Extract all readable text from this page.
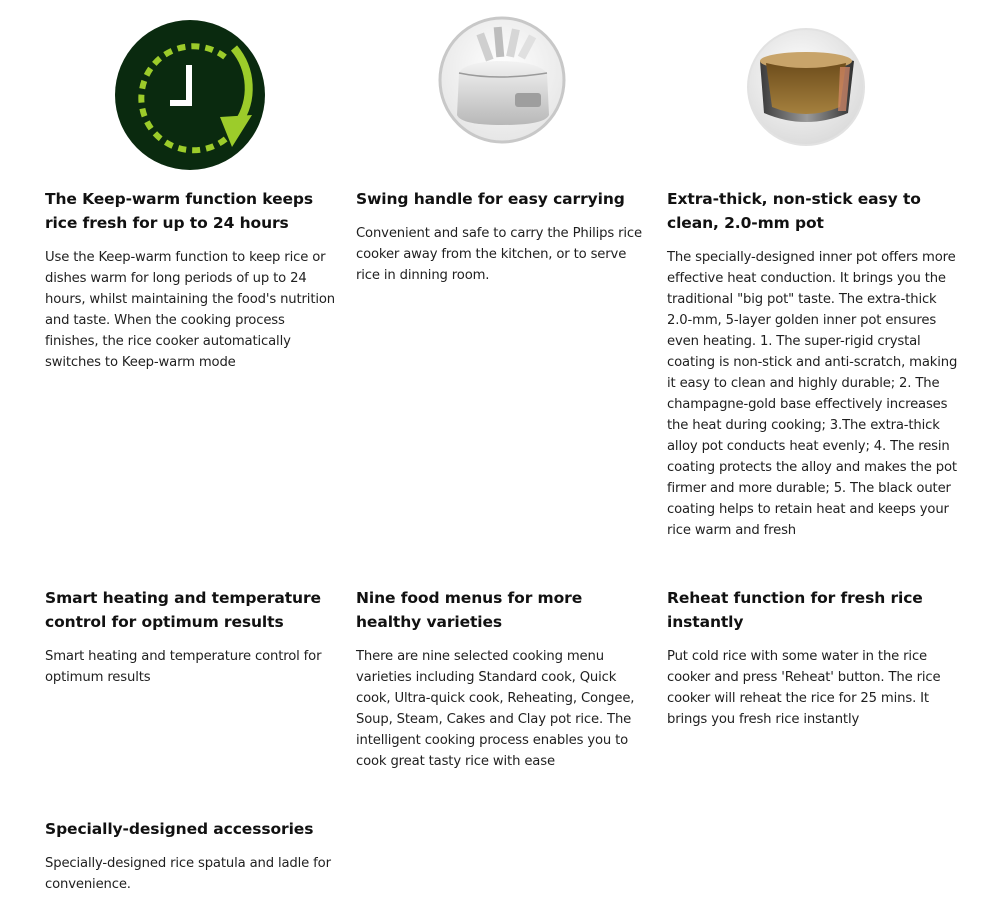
The Keep-warm function keeps rice fresh for up to 24 hours

Use the Keep-warm function to keep rice or dishes warm for long periods of up to 24 hours, whilst maintaining the food's nutrition and taste. When the cooking process finishes, the rice cooker automatically switches to Keep-warm mode

Swing handle for easy carrying

Convenient and safe to carry the Philips rice cooker away from the kitchen, or to serve rice in dinning room.

Extra-thick, non-stick easy to clean, 2.0-mm pot

The specially-designed inner pot offers more effective heat conduction. It brings you the traditional "big pot" taste. The extra-thick 2.0-mm, 5-layer golden inner pot ensures even heating. 1. The super-rigid crystal coating is non-stick and anti-scratch, making it easy to clean and highly durable; 2. The champagne-gold base effectively increases the heat during cooking; 3.The extra-thick alloy pot conducts heat evenly; 4. The resin coating protects the alloy and makes the pot firmer and more durable; 5. The black outer coating helps to retain heat and keeps your rice warm and fresh

Smart heating and temperature control for optimum results

Smart heating and temperature control for optimum results

Nine food menus for more healthy varieties

There are nine selected cooking menu varieties including Standard cook, Quick cook, Ultra-quick cook, Reheating, Congee, Soup, Steam, Cakes and Clay pot rice. The intelligent cooking process enables you to cook great tasty rice with ease

Reheat function for fresh rice instantly

Put cold rice with some water in the rice cooker and press 'Reheat' button. The rice cooker will reheat the rice for 25 mins. It brings you fresh rice instantly

Specially-designed accessories

Specially-designed rice spatula and ladle for convenience.
